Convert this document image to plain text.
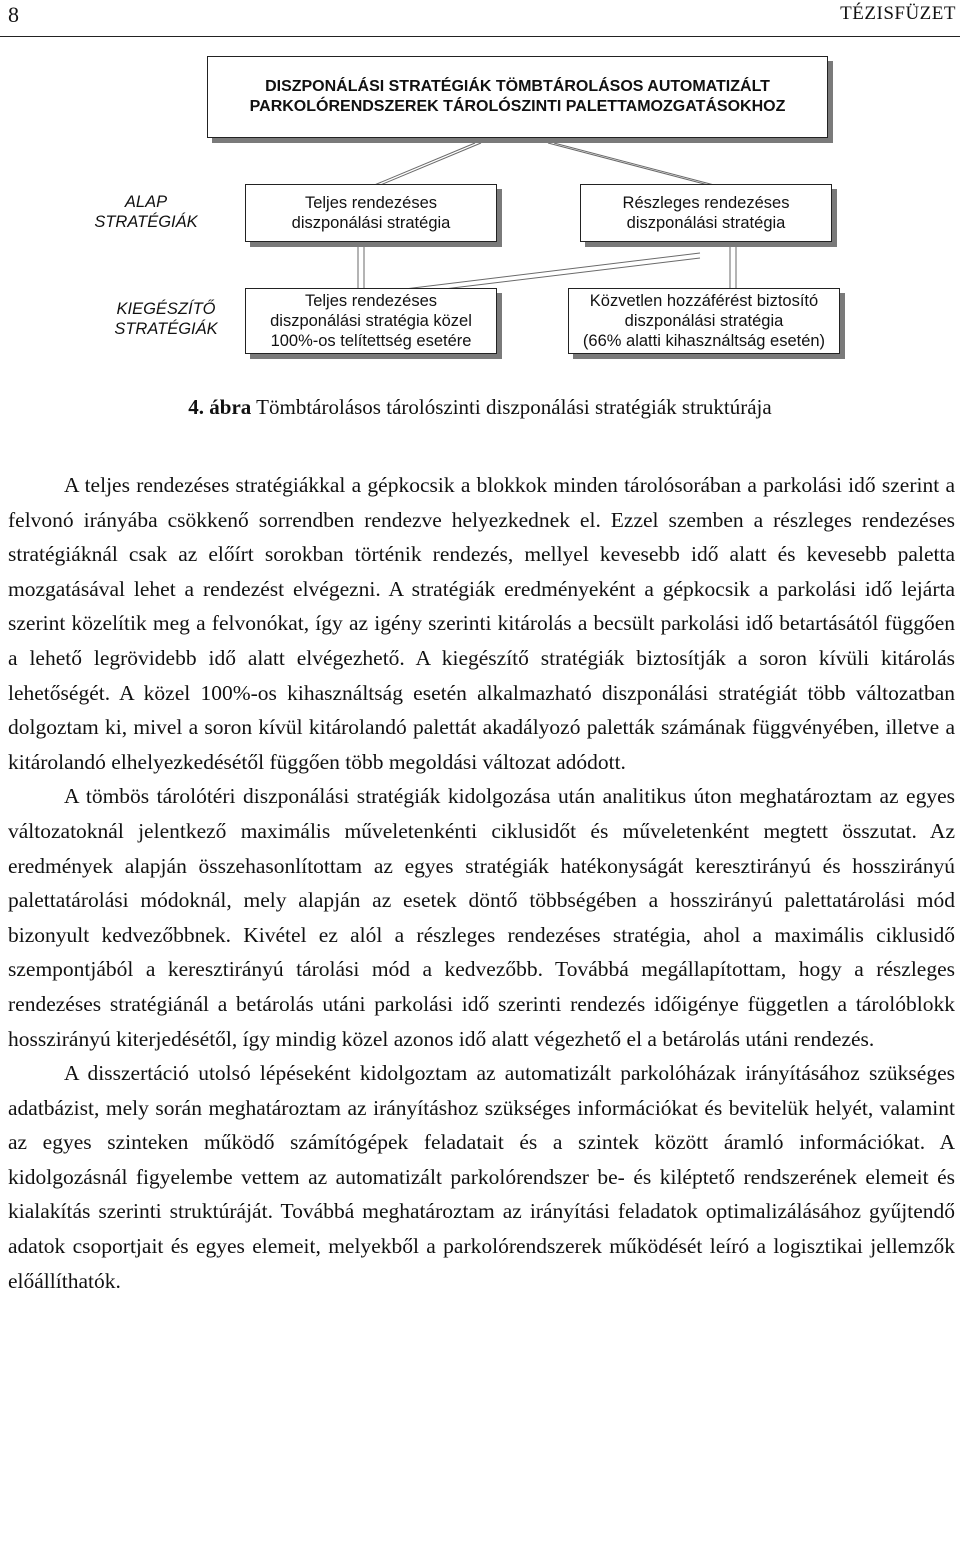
8	TÉZISFÜZET
DISZPONÁLÁSI STRATÉGIÁK TÖMBTÁROLÁSOS AUTOMATIZÁLT
PARKOLÓRENDSZEREK TÁROLÓSZINTI PALETTAMOZGATÁSOKHOZ
ALAP
STRATÉGIÁK
Teljes rendezéses
diszponálási stratégia
Részleges rendezéses
diszponálási stratégia
KIEGÉSZÍTŐ
STRATÉGIÁK
Teljes rendezéses
diszponálási stratégia közel
100%-os telítettség esetére
Közvetlen hozzáférést biztosító
diszponálási stratégia
(66% alatti kihasználtság esetén)
4. ábra Tömbtárolásos tárolószinti diszponálási stratégiák struktúrája

A teljes rendezéses stratégiákkal a gépkocsik a blokkok minden tárolósorában a parkolási idő szerint a felvonó irányába csökkenő sorrendben rendezve helyezkednek el. Ezzel szemben a részleges rendezéses stratégiáknál csak az előírt sorokban történik rendezés, mellyel kevesebb idő alatt és kevesebb paletta mozgatásával lehet a rendezést elvégezni. A stratégiák eredményeként a gépkocsik a parkolási idő lejárta szerint közelítik meg a felvonókat, így az igény szerinti kitárolás a becsült parkolási idő betartásától függően a lehető legrövidebb idő alatt elvégezhető. A kiegészítő stratégiák biztosítják a soron kívüli kitárolás lehetőségét. A közel 100%-os kihasználtság esetén alkalmazható diszponálási stratégiát több változatban dolgoztam ki, mivel a soron kívül kitárolandó palettát akadályozó paletták számának függvényében, illetve a kitárolandó elhelyezkedésétől függően több megoldási változat adódott.

A tömbös tárolótéri diszponálási stratégiák kidolgozása után analitikus úton meghatároztam az egyes változatoknál jelentkező maximális műveletenkénti ciklusidőt és műveletenként megtett összutat. Az eredmények alapján összehasonlítottam az egyes stratégiák hatékonyságát keresztirányú és hosszirányú palettatárolási módoknál, mely alapján az esetek döntő többségében a hosszirányú palettatárolási mód bizonyult kedvezőbbnek. Kivétel ez alól a részleges rendezéses stratégia, ahol a maximális ciklusidő szempontjából a keresztirányú tárolási mód a kedvezőbb. Továbbá megállapítottam, hogy a részleges rendezéses stratégiánál a betárolás utáni parkolási idő szerinti rendezés időigénye független a tárolóblokk hosszirányú kiterjedésétől, így mindig közel azonos idő alatt végezhető el a betárolás utáni rendezés.

A disszertáció utolsó lépéseként kidolgoztam az automatizált parkolóházak irányításához szükséges adatbázist, mely során meghatároztam az irányításhoz szükséges információkat és bevitelük helyét, valamint az egyes szinteken működő számítógépek feladatait és a szintek között áramló információkat. A kidolgozásnál figyelembe vettem az automatizált parkolórendszer be- és kiléptető rendszerének elemeit és kialakítás szerinti struktúráját. Továbbá meghatároztam az irányítási feladatok optimalizálásához gyűjtendő adatok csoportjait és egyes elemeit, melyekből a parkolórendszerek működését leíró a logisztikai jellemzők előállíthatók.
